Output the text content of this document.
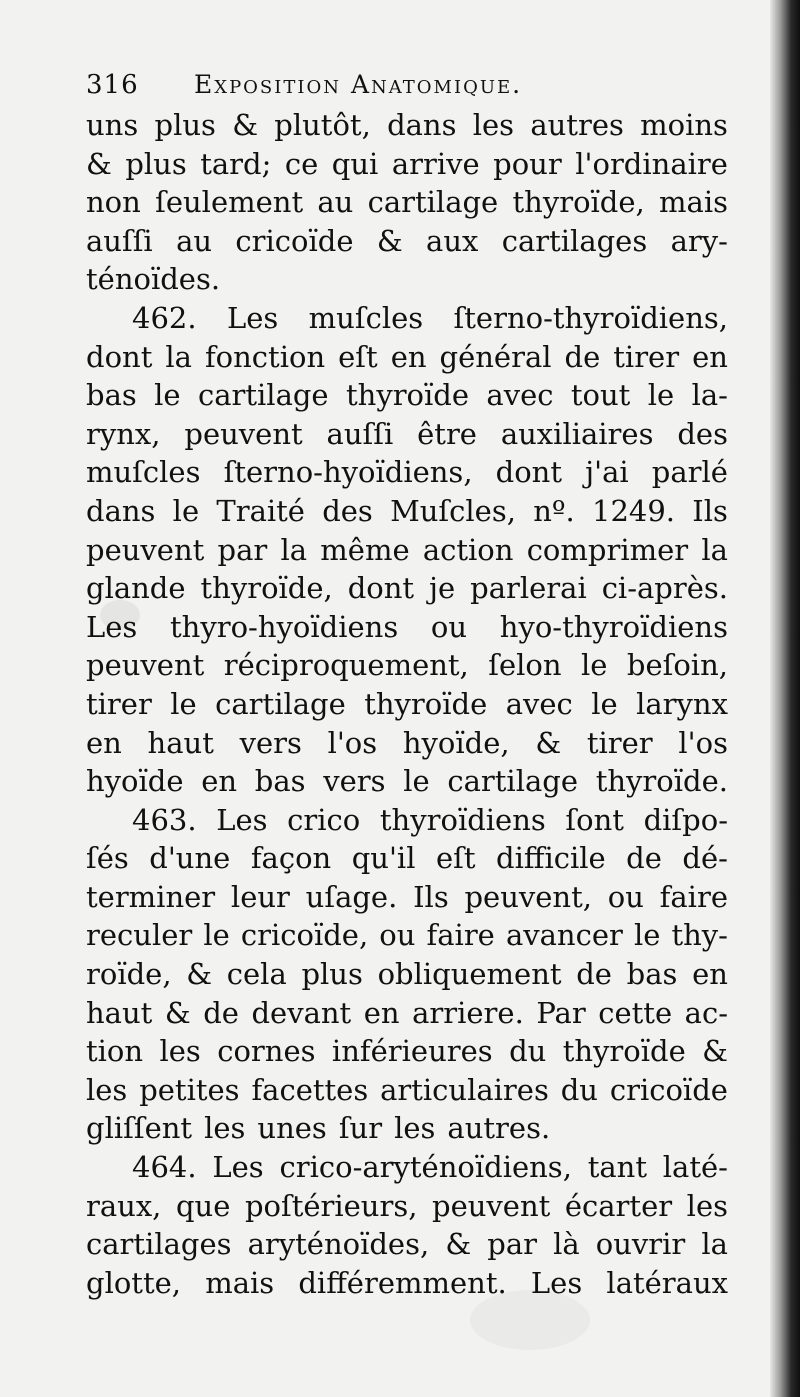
316	Exposition Anatomique.
uns plus & plutôt, dans les autres moins
& plus tard; ce qui arrive pour l'ordinaire
non ſeulement au cartilage thyroïde, mais
auſſi au cricoïde & aux cartilages ary-
ténoïdes.
462. Les muſcles ſterno-thyroïdiens,
dont la fonction eſt en général de tirer en
bas le cartilage thyroïde avec tout le la-
rynx, peuvent auſſi être auxiliaires des
muſcles ſterno-hyoïdiens, dont j'ai parlé
dans le Traité des Muſcles, nº. 1249. Ils
peuvent par la même action comprimer la
glande thyroïde, dont je parlerai ci-après.
Les thyro-hyoïdiens ou hyo-thyroïdiens
peuvent réciproquement, ſelon le beſoin,
tirer le cartilage thyroïde avec le larynx
en haut vers l'os hyoïde, & tirer l'os
hyoïde en bas vers le cartilage thyroïde.
463. Les crico thyroïdiens ſont diſpo-
ſés d'une façon qu'il eſt difficile de dé-
terminer leur uſage. Ils peuvent, ou faire
reculer le cricoïde, ou faire avancer le thy-
roïde, & cela plus obliquement de bas en
haut & de devant en arriere. Par cette ac-
tion les cornes inférieures du thyroïde &
les petites facettes articulaires du cricoïde
gliſſent les unes ſur les autres.
464. Les crico-aryténoïdiens, tant laté-
raux, que poſtérieurs, peuvent écarter les
cartilages aryténoïdes, & par là ouvrir la
glotte, mais différemment. Les latéraux
